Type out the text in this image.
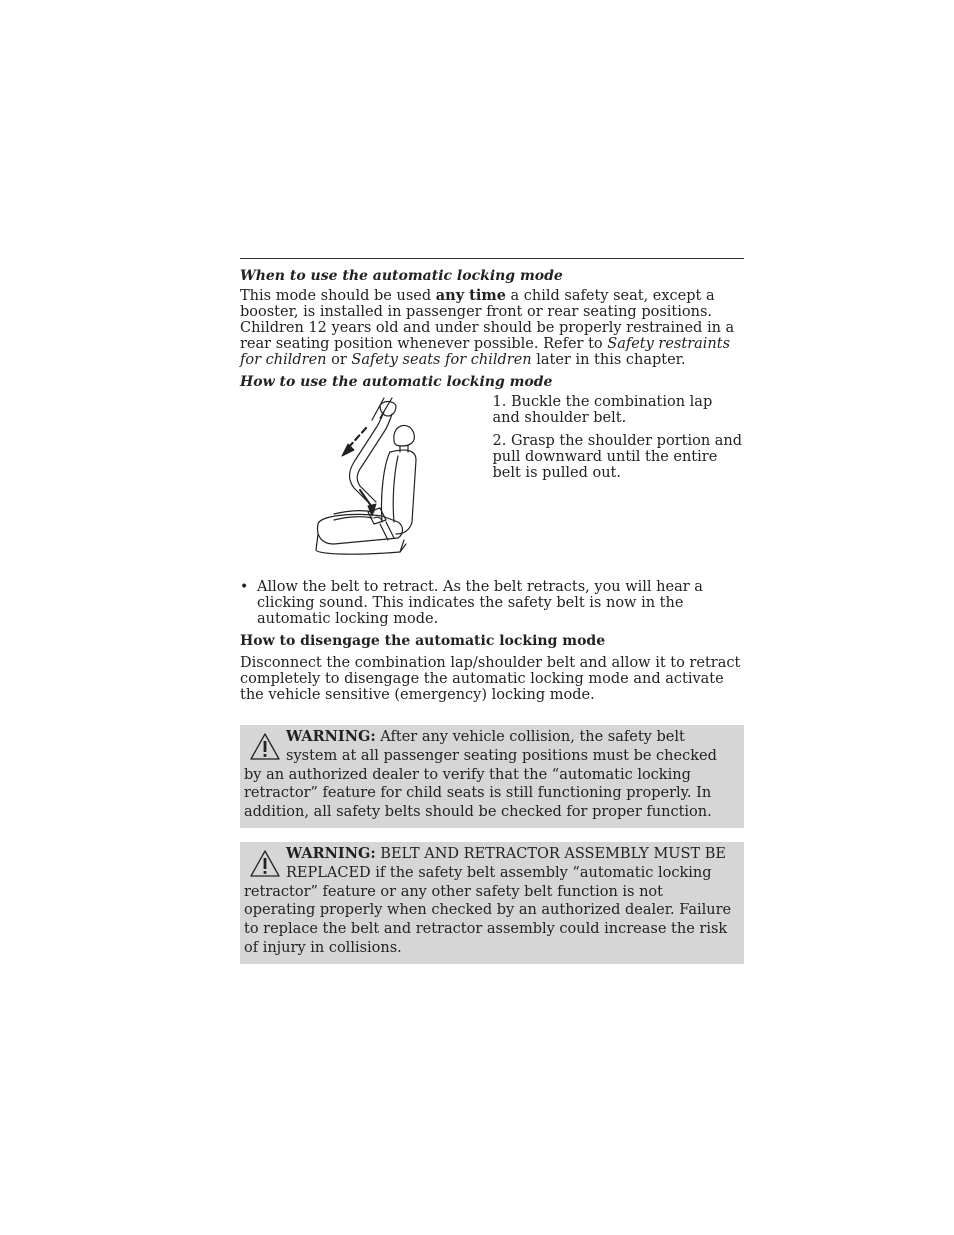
When to use the automatic locking mode

This mode should be used any time a child safety seat, except a booster, is installed in passenger front or rear seating positions. Children 12 years old and under should be properly restrained in a rear seating position whenever possible. Refer to Safety restraints for children or Safety seats for children later in this chapter.

How to use the automatic locking mode

1. Buckle the combination lap and shoulder belt.

2. Grasp the shoulder portion and pull downward until the entire belt is pulled out.

• Allow the belt to retract. As the belt retracts, you will hear a clicking sound. This indicates the safety belt is now in the automatic locking mode.

How to disengage the automatic locking mode

Disconnect the combination lap/shoulder belt and allow it to retract completely to disengage the automatic locking mode and activate the vehicle sensitive (emergency) locking mode.

WARNING: After any vehicle collision, the safety belt system at all passenger seating positions must be checked by an authorized dealer to verify that the “automatic locking retractor” feature for child seats is still functioning properly. In addition, all safety belts should be checked for proper function.
WARNING: BELT AND RETRACTOR ASSEMBLY MUST BE REPLACED if the safety belt assembly “automatic locking retractor” feature or any other safety belt function is not operating properly when checked by an authorized dealer. Failure to replace the belt and retractor assembly could increase the risk of injury in collisions.
